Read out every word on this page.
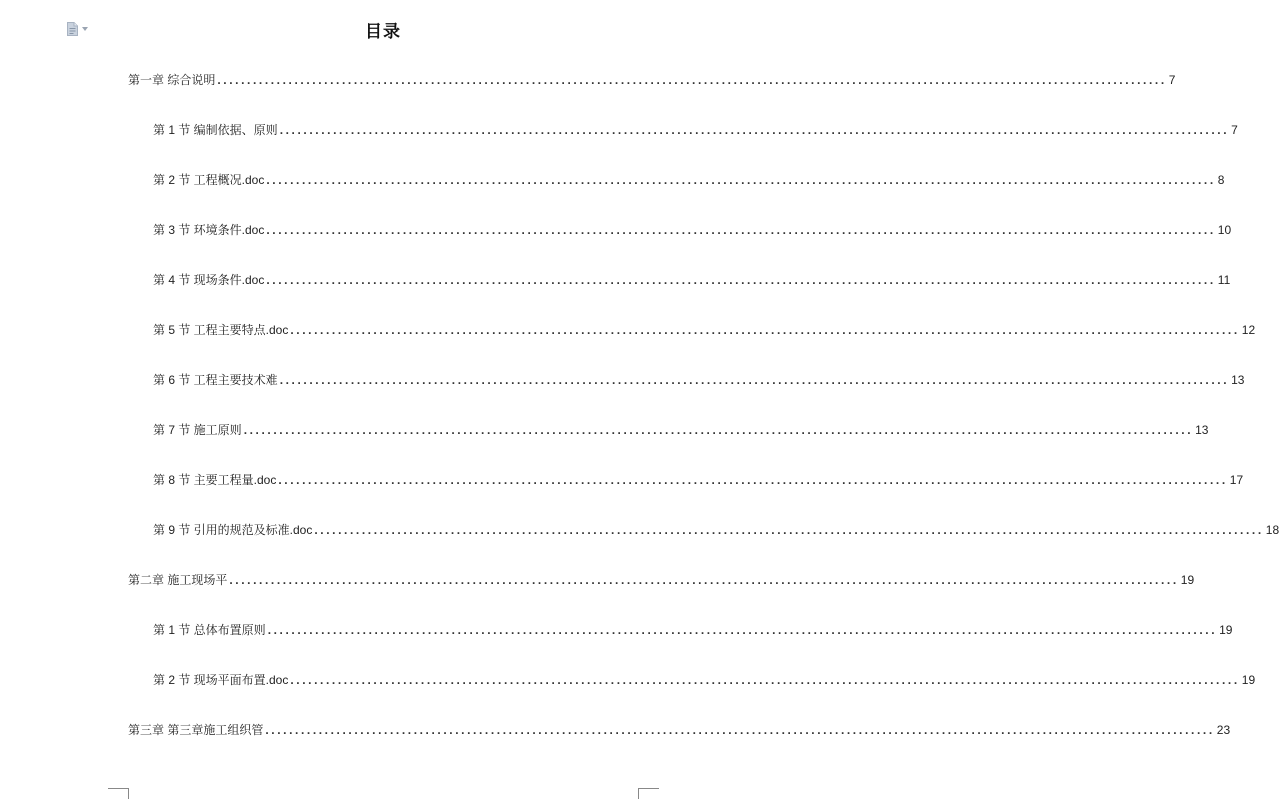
目录
第一章 综合说明 ................................................................................................................................................................ 7
第 1 节 编制依据、原则 ................................................................................................................................................................ 7
第 2 节 工程概况.doc ................................................................................................................................................................ 8
第 3 节 环境条件.doc ................................................................................................................................................................ 10
第 4 节 现场条件.doc ................................................................................................................................................................ 11
第 5 节 工程主要特点.doc ................................................................................................................................................................ 12
第 6 节 工程主要技术难 ................................................................................................................................................................ 13
第 7 节 施工原则 ................................................................................................................................................................ 13
第 8 节 主要工程量.doc ................................................................................................................................................................ 17
第 9 节 引用的规范及标准.doc ................................................................................................................................................................ 18
第二章 施工现场平 ................................................................................................................................................................ 19
第 1 节 总体布置原则 ................................................................................................................................................................ 19
第 2 节 现场平面布置.doc ................................................................................................................................................................ 19
第三章 第三章施工组织管 ................................................................................................................................................................ 23
